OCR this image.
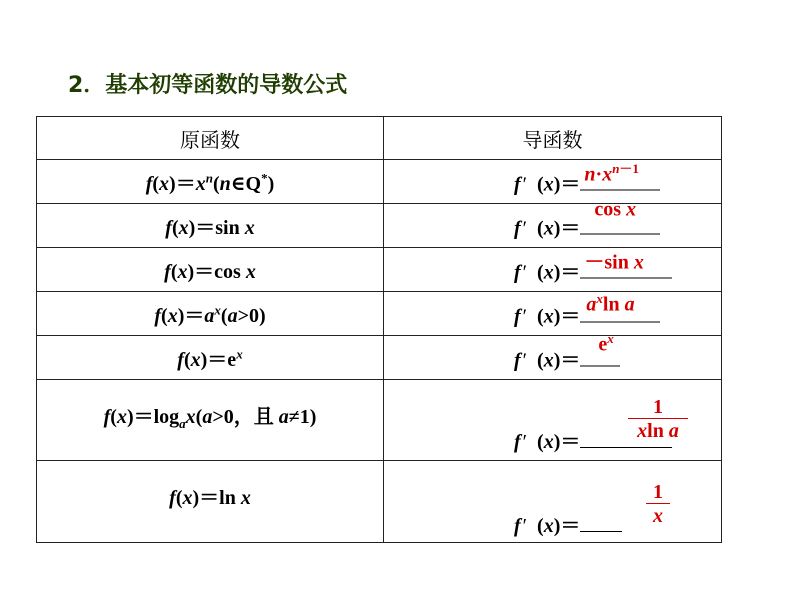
2．基本初等函数的导数公式
原函数	导函数
$f(x)=x^n(n\in Q^*)$	f ′ $(x)= n\cdot x^{n-1}$

f(x)＝sin x	f ′ (x)＝
cos x

f(x)＝cos x	f ′ (x)＝ －sin x

$f(x)=a^x(a>0)$	f ′ (x)＝
$a^x\ln$ a

$f(x)=e^x$	f ′ (x)＝
$e^x$

$f(x)=\log_ax(a>0$，且 a≠1)	f ′ (x)＝
1
xln a

f(x)＝ln x	f ′ (x)＝
1
x
